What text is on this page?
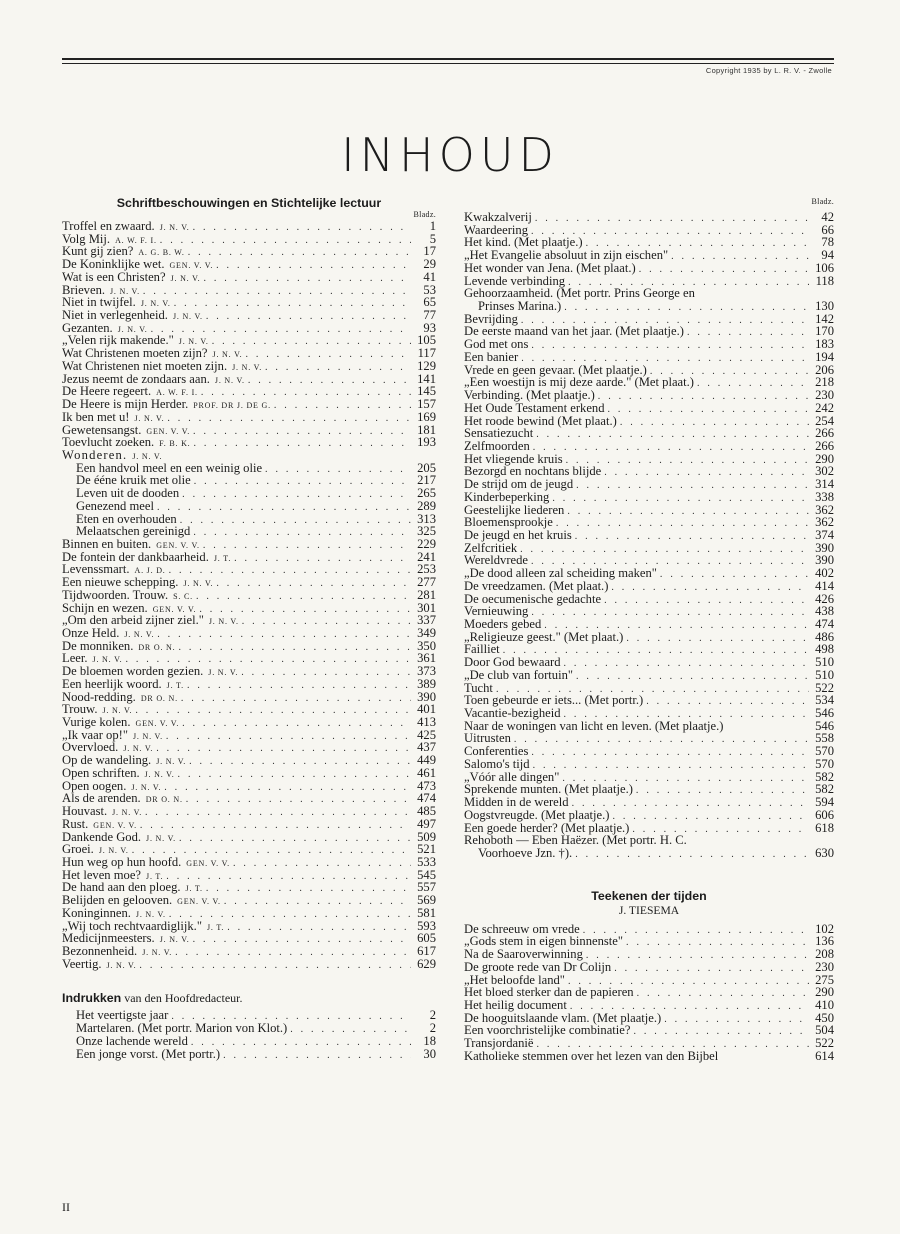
Copyright 1935 by L. R. V. - Zwolle
INHOUD
Schriftbeschouwingen en Stichtelijke lectuur
Bladz.
Troffel en zwaard. J. N. V. . . .	1
Volg Mij. A. W. F. I. . . .	5
Kunt gij zien? A. G. B. W. . . .	17
De Koninklijke wet. GEN. V. V. . . .	29
Wat is een Christen? J. N. V. . . .	41
Brieven. J. N. V. . . .	53
Niet in twijfel. J. N. V. . . .	65
Niet in verlegenheid. J. N. V. . . .	77
Gezanten. J. N. V. . . .	93
„Velen rijk makende." J. N. V. . . .	105
Wat Christenen moeten zijn? J. N. V. . . .	117
Wat Christenen niet moeten zijn. J. N. V. . . .	129
Jezus neemt de zondaars aan. J. N. V. . . .	141
De Heere regeert. A. W. F. I. . . .	145
De Heere is mijn Herder. PROF. DR J. DE G. . . .	157
Ik ben met u! J. N. V. . . .	169
Gewetensangst. GEN. V. V. . . .	181
Toevlucht zoeken. F. B. K. . . .	193
Wonderen. J. N. V.
Een handvol meel en een weinig olie . . .	205
De ééne kruik met olie . . .	217
Leven uit de dooden . . .	265
Genezend meel . . .	289
Eten en overhouden . . .	313
Melaatschen gereinigd . . .	325
Binnen en buiten. GEN. V. V. . . .	229
De fontein der dankbaarheid. J. T. . . .	241
Levenssmart. A. J. D. . . .	253
Een nieuwe schepping. J. N. V. . . .	277
Tijdwoorden. Trouw. S. C. . . .	281
Schijn en wezen. GEN. V. V. . . .	301
„Om den arbeid zijner ziel." J. N. V. . . .	337
Onze Held. J. N. V. . . .	349
De monniken. DR O. N. . . .	350
Leer. J. N. V. . . .	361
De bloemen worden gezien. J. N. V. . . .	373
Een heerlijk woord. J. T. . . .	389
Nood-redding. DR O. N. . . .	390
Trouw. J. N. V. . . .	401
Vurige kolen. GEN. V. V. . . .	413
„Ik vaar op!" J. N. V. . . .	425
Overvloed. J. N. V. . . .	437
Op de wandeling. J. N. V. . . .	449
Open schriften. J. N. V. . . .	461
Open oogen. J. N. V. . . .	473
Als de arenden. DR O. N. . . .	474
Houvast. J. N. V. . . .	485
Rust. GEN. V. V. . . .	497
Dankende God. J. N. V. . . .	509
Groei. J. N. V. . . .	521
Hun weg op hun hoofd. GEN. V. V. . . .	533
Het leven moe? J. T. . . .	545
De hand aan den ploeg. J. T. . . .	557
Belijden en gelooven. GEN. V. V. . . .	569
Koninginnen. J. N. V. . . .	581
„Wij toch rechtvaardiglijk." J. T. . . .	593
Medicijnmeesters. J. N. V. . . .	605
Bezonnenheid. J. N. V. . . .	617
Veertig. J. N. V. . . .	629
Indrukken van den Hoofdredacteur.
Het veertigste jaar . . .	2
Martelaren. (Met portr. Marion von Klot.) . . .	2
Onze lachende wereld . . .	18
Een jonge vorst. (Met portr.) . . .	30
Bladz.
Kwakzalverij . . .	42
Waardeering . . .	66
Het kind. (Met plaatje.) . . .	78
„Het Evangelie absoluut in zijn eischen" . . .	94
Het wonder van Jena. (Met plaat.) . . .	106
Levende verbinding . . .	118
Gehoorzaamheid. (Met portr. Prins George en
Prinses Marina.) . . .	130
Bevrijding . . .	142
De eerste maand van het jaar. (Met plaatje.) . . .	170
God met ons . . .	183
Een banier . . .	194
Vrede en geen gevaar. (Met plaatje.) . . .	206
„Een woestijn is mij deze aarde." (Met plaat.) . . .	218
Verbinding. (Met plaatje.) . . .	230
Het Oude Testament erkend . . .	242
Het roode bewind (Met plaat.) . . .	254
Sensatiezucht . . .	266
Zelfmoorden . . .	266
Het vliegende kruis . . .	290
Bezorgd en nochtans blijde . . .	302
De strijd om de jeugd . . .	314
Kinderbeperking . . .	338
Geestelijke liederen . . .	362
Bloemensprookje . . .	362
De jeugd en het kruis . . .	374
Zelfcritiek . . .	390
Wereldvrede . . .	390
„De dood alleen zal scheiding maken" . . .	402
De vreedzamen. (Met plaat.) . . .	414
De oecumenische gedachte . . .	426
Vernieuwing . . .	438
Moeders gebed . . .	474
„Religieuze geest." (Met plaat.) . . .	486
Failliet . . .	498
Door God bewaard . . .	510
„De club van fortuin" . . .	510
Tucht . . .	522
Toen gebeurde er iets... (Met portr.) . . .	534
Vacantie-bezigheid . . .	546
Naar de woningen van licht en leven. (Met plaatje.)	546
Uitrusten . . .	558
Conferenties . . .	570
Salomo's tijd . . .	570
„Vóór alle dingen" . . .	582
Sprekende munten. (Met plaatje.) . . .	582
Midden in de wereld . . .	594
Oogstvreugde. (Met plaatje.) . . .	606
Een goede herder? (Met plaatje.) . . .	618
Rehoboth — Eben Haëzer. (Met portr. H. C.
Voorhoeve Jzn. †). . . .	630
Teekenen der tijden
J. TIESEMA
De schreeuw om vrede . . .	102
„Gods stem in eigen binnenste" . . .	136
Na de Saaroverwinning . . .	208
De groote rede van Dr Colijn . . .	230
„Het beloofde land" . . .	275
Het bloed sterker dan de papieren . . .	290
Het heilig document . . .	410
De hooguitslaande vlam. (Met plaatje.) . . .	450
Een voorchristelijke combinatie? . . .	504
Transjordanië . . .	522
Katholieke stemmen over het lezen van den Bijbel	614
II
